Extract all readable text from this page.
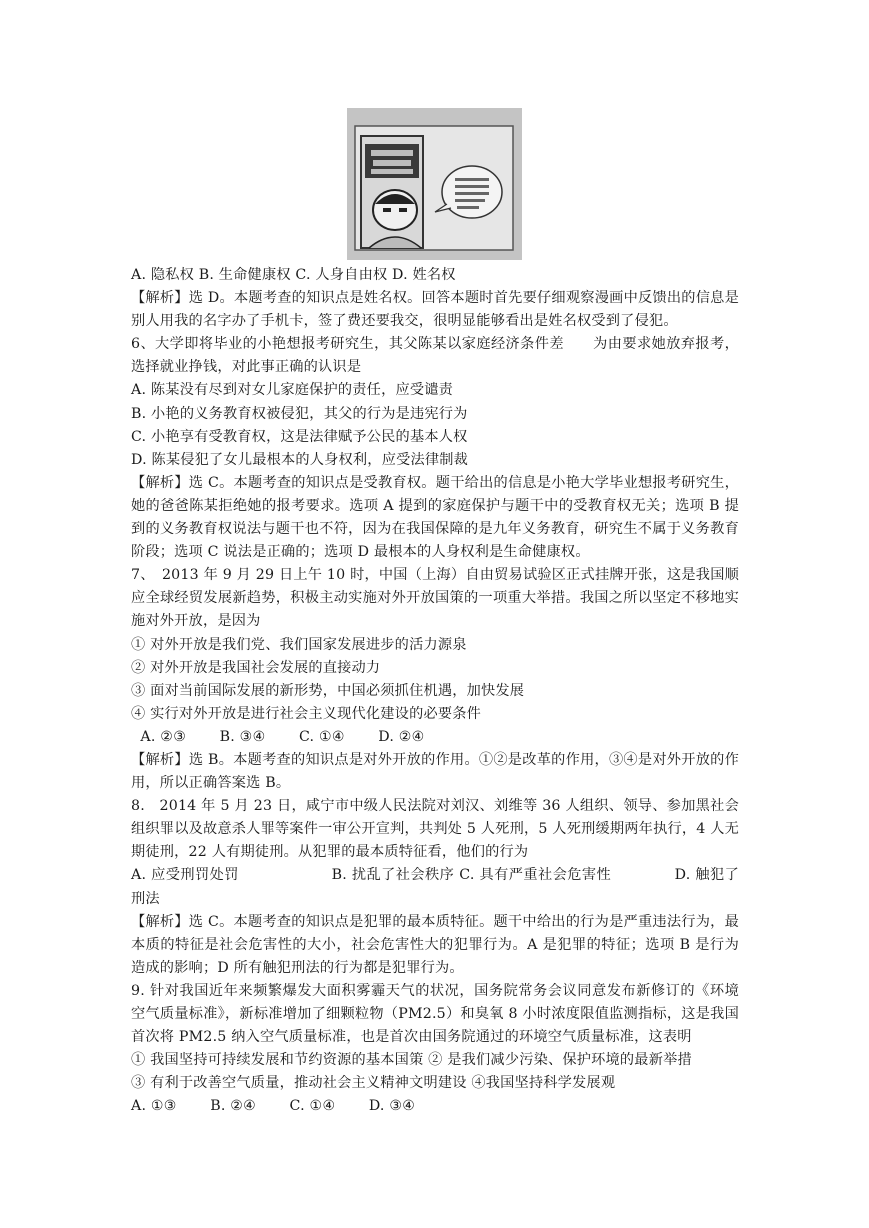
A. 隐私权 B. 生命健康权 C. 人身自由权 D. 姓名权

【解析】选 D。本题考查的知识点是姓名权。回答本题时首先要仔细观察漫画中反馈出的信息是别人用我的名字办了手机卡，签了费还要我交，很明显能够看出是姓名权受到了侵犯。

6、大学即将毕业的小艳想报考研究生，其父陈某以家庭经济条件差　　为由要求她放弃报考，选择就业挣钱，对此事正确的认识是

A. 陈某没有尽到对女儿家庭保护的责任，应受谴责

B. 小艳的义务教育权被侵犯，其父的行为是违宪行为

C. 小艳享有受教育权，这是法律赋予公民的基本人权

D. 陈某侵犯了女儿最根本的人身权利，应受法律制裁

【解析】选 C。本题考查的知识点是受教育权。题干给出的信息是小艳大学毕业想报考研究生，她的爸爸陈某拒绝她的报考要求。选项 A 提到的家庭保护与题干中的受教育权无关；选项 B 提到的义务教育权说法与题干也不符，因为在我国保障的是九年义务教育，研究生不属于义务教育阶段；选项 C 说法是正确的；选项 D 最根本的人身权利是生命健康权。

7、　2013 年 9 月 29 日上午 10 时，中国（上海）自由贸易试验区正式挂牌开张，这是我国顺应全球经贸发展新趋势，积极主动实施对外开放国策的一项重大举措。我国之所以坚定不移地实施对外开放，是因为

① 对外开放是我们党、我们国家发展进步的活力源泉

② 对外开放是我国社会发展的直接动力

③ 面对当前国际发展的新形势，中国必须抓住机遇，加快发展

④ 实行对外开放是进行社会主义现代化建设的必要条件

A. ②③　　 B. ③④　　 C. ①④　　 D. ②④

【解析】选 B。本题考查的知识点是对外开放的作用。①②是改革的作用，③④是对外开放的作用，所以正确答案选 B。

8.　2014 年 5 月 23 日，咸宁市中级人民法院对刘汉、刘维等 36 人组织、领导、参加黑社会组织罪以及故意杀人罪等案件一审公开宣判，共判处 5 人死刑，5 人死刑缓期两年执行，4 人无期徒刑，22 人有期徒刑。从犯罪的最本质特征看，他们的行为

A. 应受刑罚处罚　　　　　　 B. 扰乱了社会秩序 C. 具有严重社会危害性　　　　 D. 触犯了刑法

【解析】选 C。本题考查的知识点是犯罪的最本质特征。题干中给出的行为是严重违法行为，最本质的特征是社会危害性的大小，社会危害性大的犯罪行为。A 是犯罪的特征；选项 B 是行为造成的影响；D 所有触犯刑法的行为都是犯罪行为。

9. 针对我国近年来频繁爆发大面积雾霾天气的状况，国务院常务会议同意发布新修订的《环境空气质量标准》，新标准增加了细颗粒物（PM2.5）和臭氧 8 小时浓度限值监测指标，这是我国首次将 PM2.5 纳入空气质量标准，也是首次由国务院通过的环境空气质量标准，这表明

① 我国坚持可持续发展和节约资源的基本国策 ② 是我们减少污染、保护环境的最新举措

③ 有利于改善空气质量，推动社会主义精神文明建设 ④我国坚持科学发展观

A. ①③　　 B. ②④　　 C. ①④　　 D. ③④
